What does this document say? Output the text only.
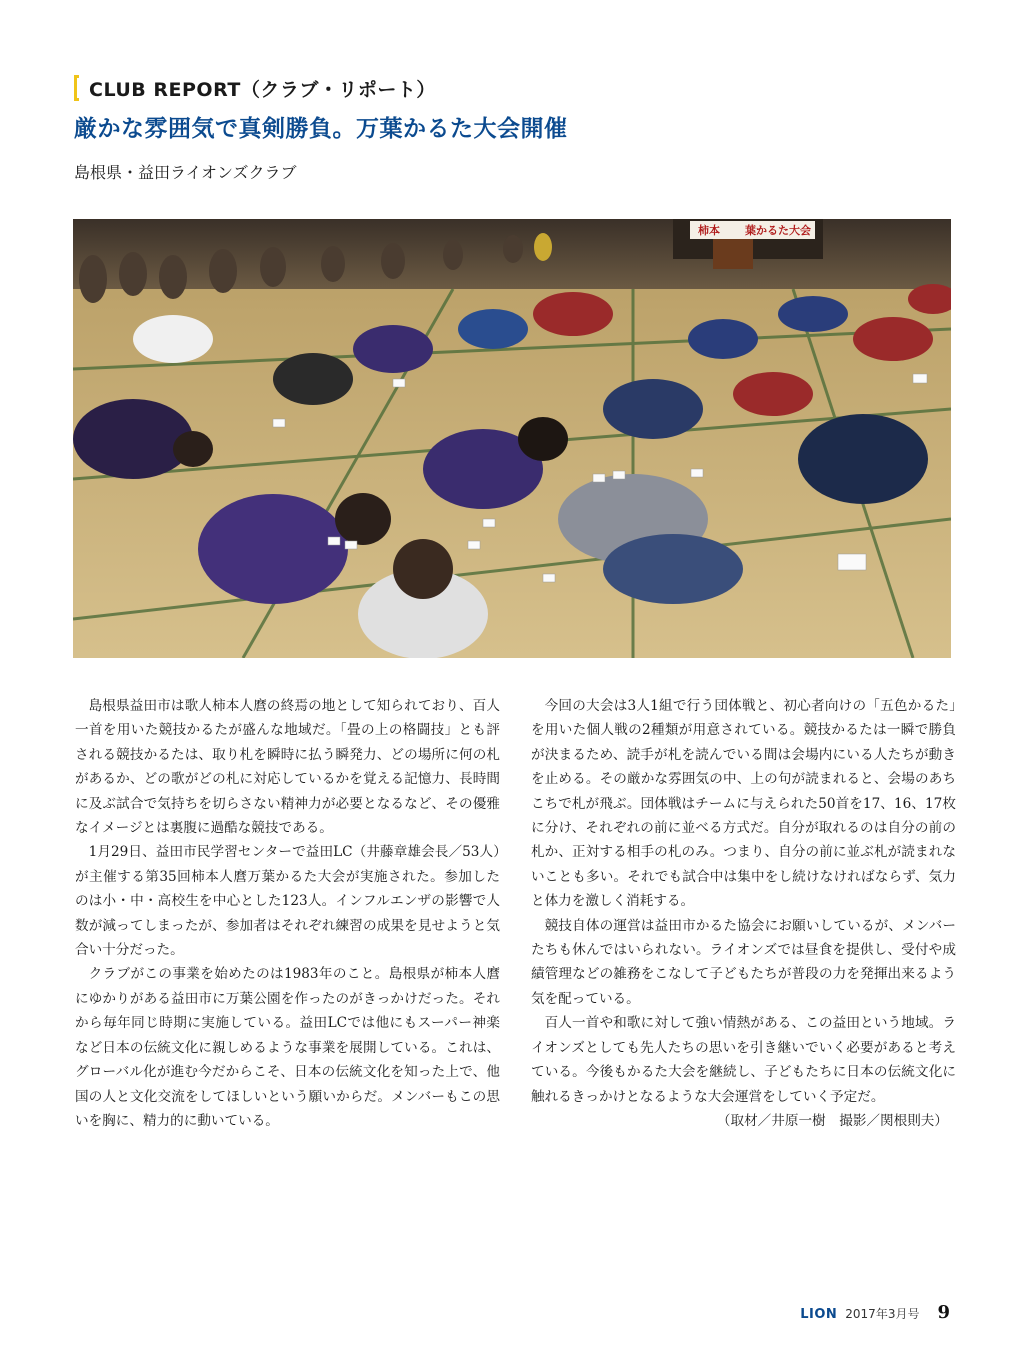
CLUB REPORT（クラブ・リポート）
厳かな雰囲気で真剣勝負。万葉かるた大会開催
島根県・益田ライオンズクラブ
柿本 葉かるた大会

島根県益田市は歌人柿本人麿の終焉の地として知られており、百人一首を用いた競技かるたが盛んな地域だ。「畳の上の格闘技」とも評される競技かるたは、取り札を瞬時に払う瞬発力、どの場所に何の札があるか、どの歌がどの札に対応しているかを覚える記憶力、長時間に及ぶ試合で気持ちを切らさない精神力が必要となるなど、その優雅なイメージとは裏腹に過酷な競技である。

1月29日、益田市民学習センターで益田LC（井藤章雄会長／53人）が主催する第35回柿本人麿万葉かるた大会が実施された。参加したのは小・中・高校生を中心とした123人。インフルエンザの影響で人数が減ってしまったが、参加者はそれぞれ練習の成果を見せようと気合い十分だった。

クラブがこの事業を始めたのは1983年のこと。島根県が柿本人麿にゆかりがある益田市に万葉公園を作ったのがきっかけだった。それから毎年同じ時期に実施している。益田LCでは他にもスーパー神楽など日本の伝統文化に親しめるような事業を展開している。これは、グローバル化が進む今だからこそ、日本の伝統文化を知った上で、他国の人と文化交流をしてほしいという願いからだ。メンバーもこの思いを胸に、精力的に動いている。

今回の大会は3人1組で行う団体戦と、初心者向けの「五色かるた」を用いた個人戦の2種類が用意されている。競技かるたは一瞬で勝負が決まるため、読手が札を読んでいる間は会場内にいる人たちが動きを止める。その厳かな雰囲気の中、上の句が読まれると、会場のあちこちで札が飛ぶ。団体戦はチームに与えられた50首を17、16、17枚に分け、それぞれの前に並べる方式だ。自分が取れるのは自分の前の札か、正対する相手の札のみ。つまり、自分の前に並ぶ札が読まれないことも多い。それでも試合中は集中をし続けなければならず、気力と体力を激しく消耗する。

競技自体の運営は益田市かるた協会にお願いしているが、メンバーたちも休んではいられない。ライオンズでは昼食を提供し、受付や成績管理などの雑務をこなして子どもたちが普段の力を発揮出来るよう気を配っている。

百人一首や和歌に対して強い情熱がある、この益田という地域。ライオンズとしても先人たちの思いを引き継いでいく必要があると考えている。今後もかるた大会を継続し、子どもたちに日本の伝統文化に触れるきっかけとなるような大会運営をしていく予定だ。

（取材／井原一樹　撮影／関根則夫）

LION 2017年3月号 9
